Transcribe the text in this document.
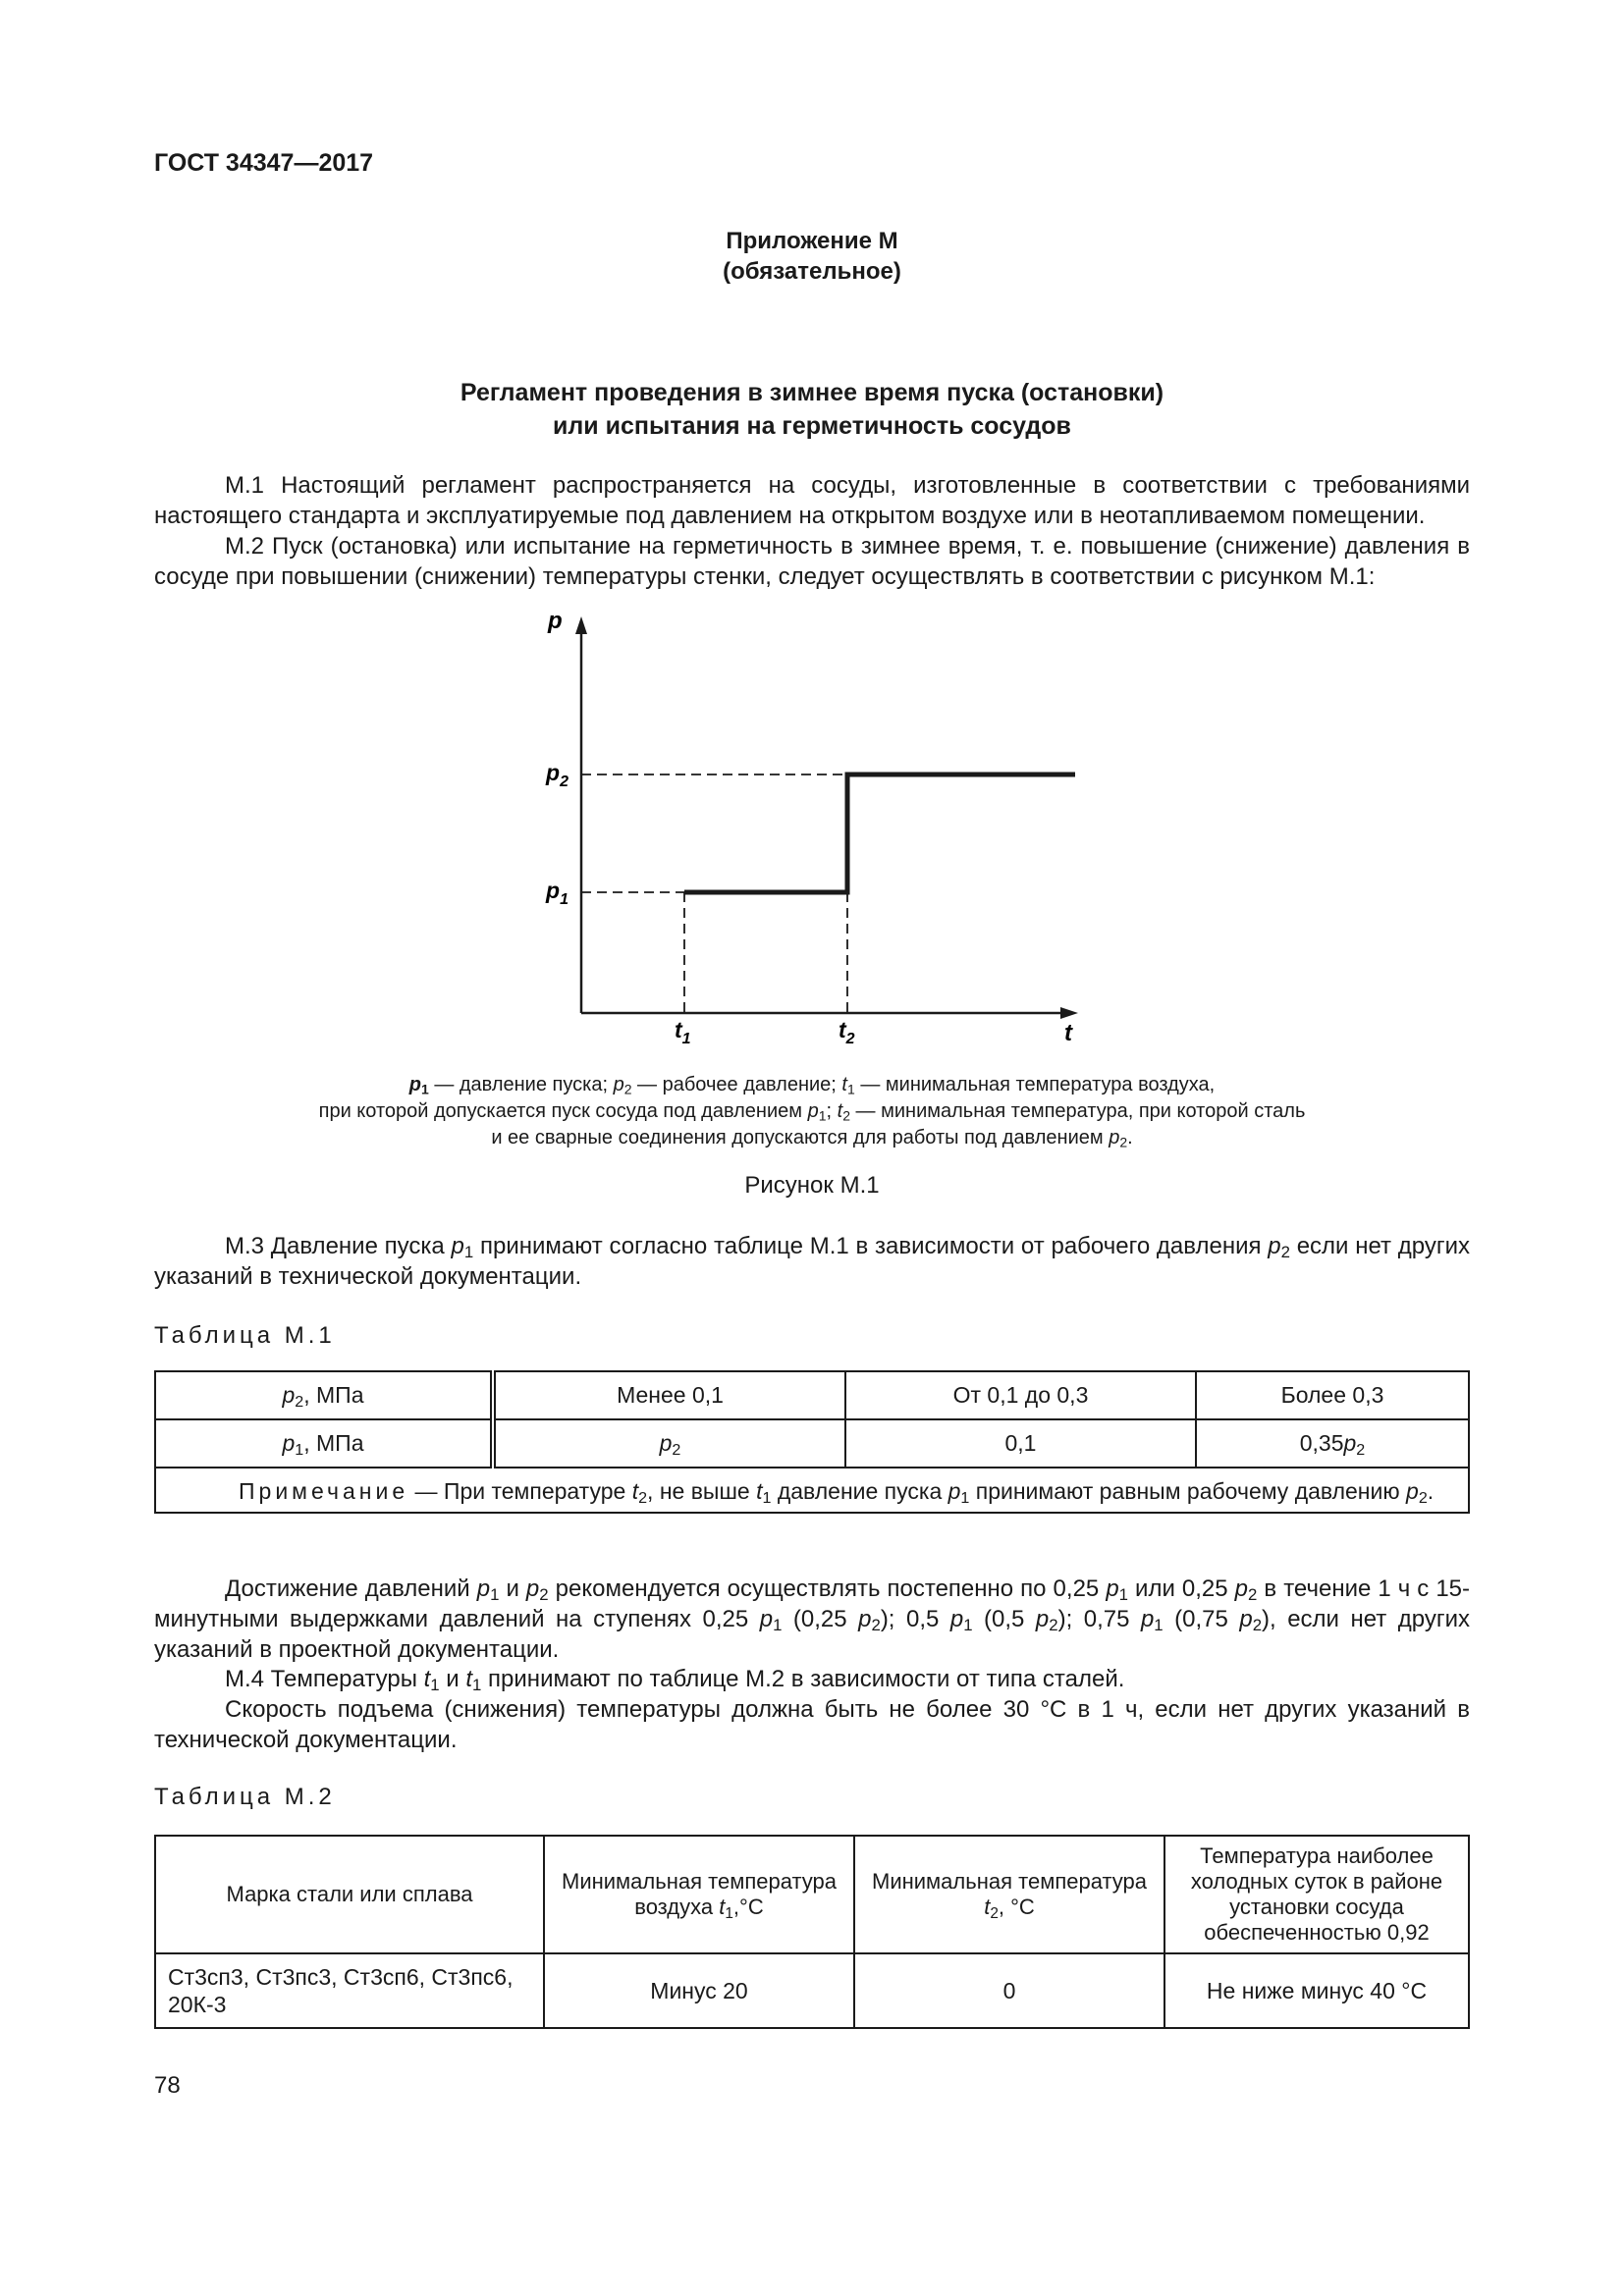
ГОСТ 34347—2017
Приложение М
(обязательное)
Регламент проведения в зимнее время пуска (остановки)
или испытания на герметичность сосудов
М.1 Настоящий регламент распространяется на сосуды, изготовленные в соответствии с требованиями настоящего стандарта и эксплуатируемые под давлением на открытом воздухе или в неотапливаемом помещении.
М.2 Пуск (остановка) или испытание на герметичность в зимнее время, т. е. повышение (снижение) давления в сосуде при повышении (снижении) температуры стенки, следует осуществлять в соответствии с рисунком М.1:
p
t
$p_2$
$p_1$
$t_1$	$t_2$
$p_1$ — давление пуска; $p_2$ — рабочее давление; $t_1$ — минимальная температура воздуха,
при которой допускается пуск сосуда под давлением $p_1$; $t_2$ — минимальная температура, при которой сталь
и ее сварные соединения допускаются для работы под давлением $p_2$.
Рисунок М.1
М.3 Давление пуска $p_1$ принимают согласно таблице М.1 в зависимости от рабочего давления $p_2$ если нет других указаний в технической документации.
Таблица М.1
$p_2$, МПа	Менее 0,1	От 0,1 до 0,3	Более 0,3
$p_1$, МПа	$p_2$	0,1	$0,35p_2$
Примечание — При температуре $t_2$, не выше $t_1$ давление пуска $p_1$ принимают равным рабочему давлению $p_2$.			
Достижение давлений $p_1$ и $p_2$ рекомендуется осуществлять постепенно по 0,25 $p_1$ или 0,25 $p_2$ в течение 1 ч с 15-минутными выдержками давлений на ступенях 0,25 $p_1$ (0,25 $p_2$); 0,5 $p_1$ (0,5 $p_2$); 0,75 $p_1$ (0,75 $p_2$), если нет других указаний в проектной документации.
М.4 Температуры $t_1$ и $t_1$ принимают по таблице М.2 в зависимости от типа сталей.
Скорость подъема (снижения) температуры должна быть не более 30 °С в 1 ч, если нет других указаний в технической документации.
Таблица М.2
Марка стали или сплава	Минимальная температура воздуха $t_1,^\circ С$	Минимальная температура $t_2$, °С	Температура наиболее холодных суток в районе установки сосуда обеспеченностью 0,92
Ст3сп3, Ст3пс3, Ст3сп6, Ст3пс6, 20К-3	Минус 20	0	Не ниже минус 40 °С
78
